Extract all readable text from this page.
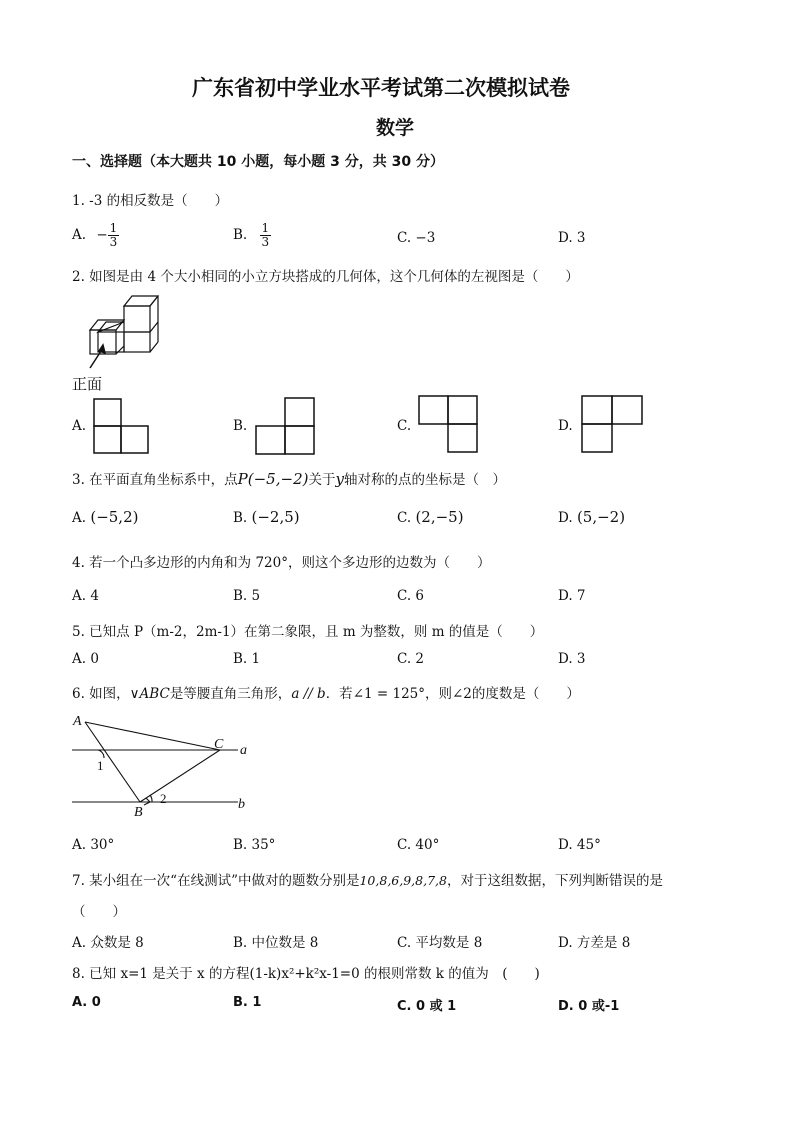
广东省初中学业水平考试第二次模拟试卷
数学
一、选择题（本大题共 10 小题，每小题 3 分，共 30 分）
1. -3 的相反数是（　　）
A. − $\frac{1}{3}$	B. $\frac{1}{3}$	C. −3	D. 3
2. 如图是由 4 个大小相同的小立方块搭成的几何体，这个几何体的左视图是（　　）
正面
A.	B.	C.	D.
3. 在平面直角坐标系中，点P(−5,−2)关于y轴对称的点的坐标是（　）
A. (−5,2)	B. (−2,5)	C. (2,−5)	D. (5,−2)
4. 若一个凸多边形的内角和为 720°，则这个多边形的边数为（　　）
A. 4	B. 5	C. 6	D. 7
5. 已知点 P（m-2，2m-1）在第二象限，且 m 为整数，则 m 的值是（　　）
A. 0	B. 1	C. 2	D. 3
6. 如图，∨ABC是等腰直角三角形，a // b．若∠1 = 125°，则∠2的度数是（　　）
A
C
B
a
b
1
2
A. 30°	B. 35°	C. 40°	D. 45°
7. 某小组在一次“在线测试”中做对的题数分别是10,8,6,9,8,7,8，对于这组数据，下列判断错误的是
（　　）
A. 众数是 8	B. 中位数是 8	C. 平均数是 8	D. 方差是 8
8. 已知 x=1 是关于 x 的方程(1-k)x²+k²x-1=0 的根则常数 k 的值为　(　　)
A. 0	B. 1	C. 0 或 1	D. 0 或-1
